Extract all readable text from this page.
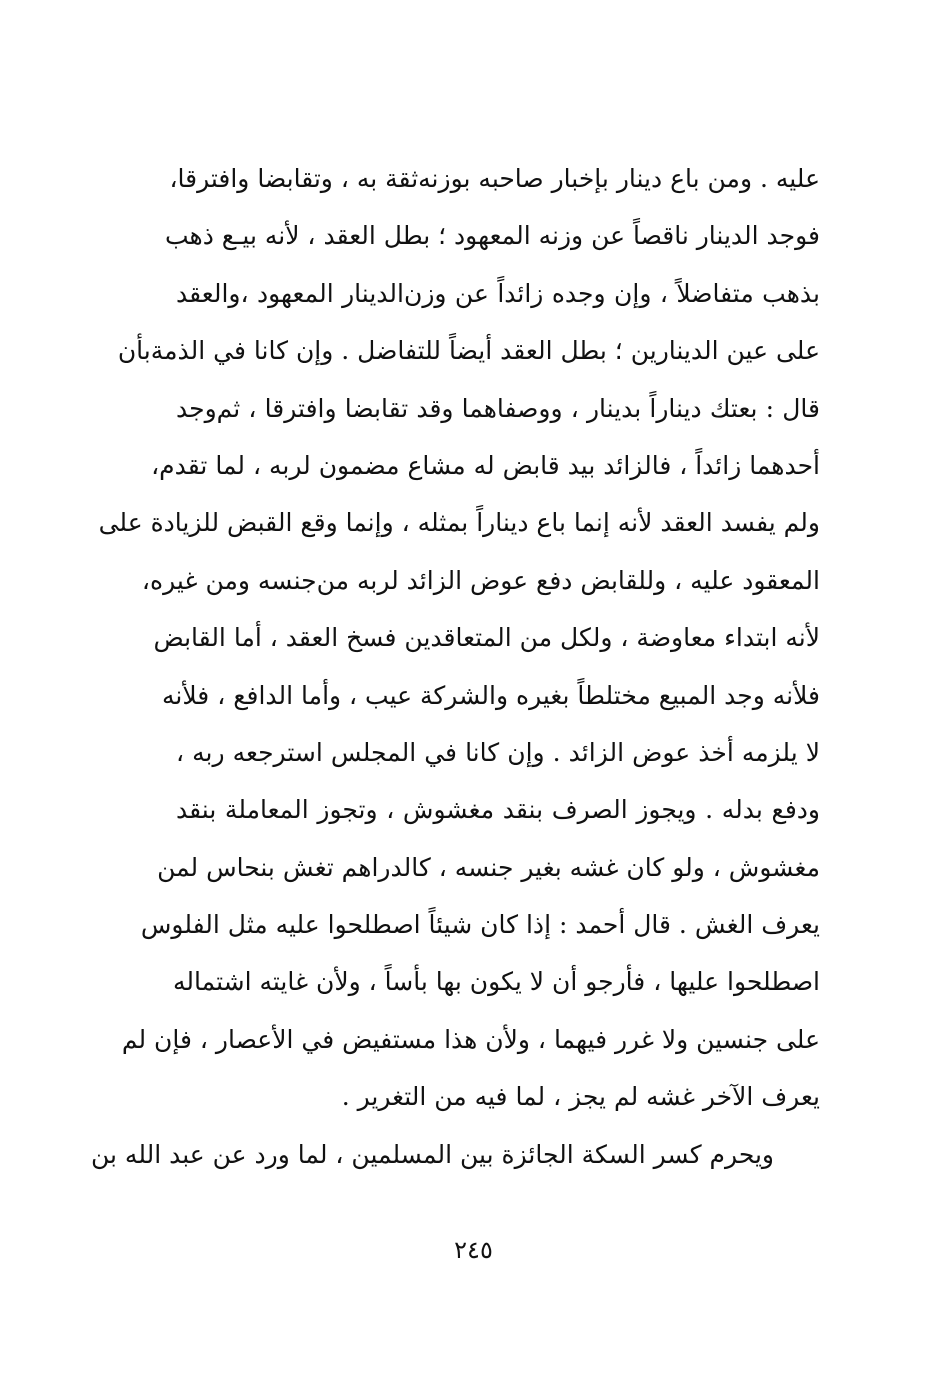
عليه . ومن باع دينار بإخبار صاحبه بوزنه‌ثقة به ، وتقابضا وافترقا،
فوجد الدينار ناقصاً عن وزنه المعهود ؛ بطل العقد ، لأنه بيـع ذهب
بذهب متفاضلاً ، وإن وجده زائداً عن وزن‌الدينار المعهود ،والعقد
على عين الدينارين ؛ بطل العقد أيضاً للتفاضل . وإن كانا في الذمة‌بأن
قال : بعتك ديناراً بدينار ، ووصفاهما وقد تقابضا وافترقا ، ثم‌وجد
أحدهما زائداً ، فالزائد بيد قابض له مشاع مضمون لربه ، لما تقدم،
ولم يفسد العقد لأنه إنما باع ديناراً بمثله ، وإنما وقع القبض للزيادة على
المعقود عليه ، وللقابض دفع عوض الزائد لربه من‌جنسه ومن غيره،
لأنه ابتداء معاوضة ، ولكل من المتعاقدين فسخ العقد ، أما القابض
فلأنه وجد المبيع مختلطاً بغيره والشركة عيب ، وأما الدافع ، فلأنه
لا يلزمه أخذ عوض الزائد . وإن كانا في المجلس استرجعه ربه ،
ودفع بدله . ويجوز الصرف بنقد مغشوش ، وتجوز المعاملة بنقد
مغشوش ، ولو كان غشه بغير جنسه ، كالدراهم تغش بنحاس لمن
يعرف الغش . قال أحمد : إذا كان شيئاً اصطلحوا عليه مثل الفلوس
اصطلحوا عليها ، فأرجو أن لا يكون بها بأساً ، ولأن غايته اشتماله
على جنسين ولا غرر فيهما ، ولأن هذا مستفيض في الأعصار ، فإن لم
يعرف الآخر غشه لم يجز ، لما فيه من التغرير .
ويحرم كسر السكة الجائزة بين المسلمين ، لما ورد عن عبد الله بن
٢٤٥
